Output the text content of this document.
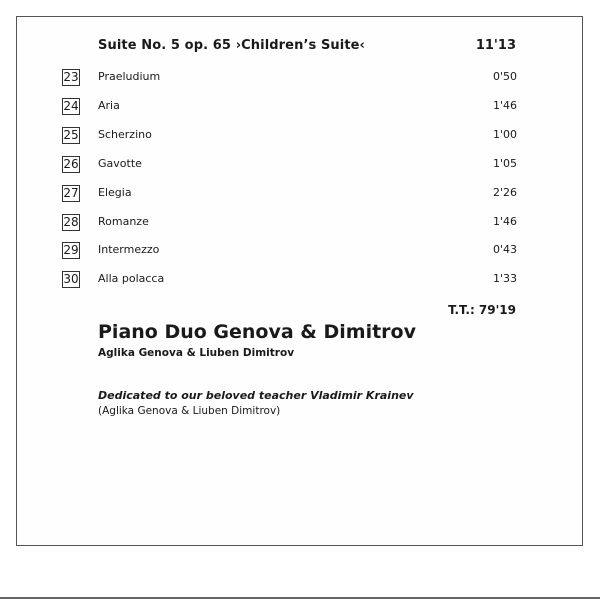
Suite No. 5 op. 65 ›Children’s Suite‹	11'13
23 Praeludium	0'50
24 Aria	1'46
25 Scherzino	1'00
26 Gavotte	1'05
27 Elegia	2'26
28 Romanze	1'46
29 Intermezzo	0'43
30 Alla polacca	1'33
T.T.: 79'19
Piano Duo Genova & Dimitrov
Aglika Genova & Liuben Dimitrov
Dedicated to our beloved teacher Vladimir Krainev
(Aglika Genova & Liuben Dimitrov)
